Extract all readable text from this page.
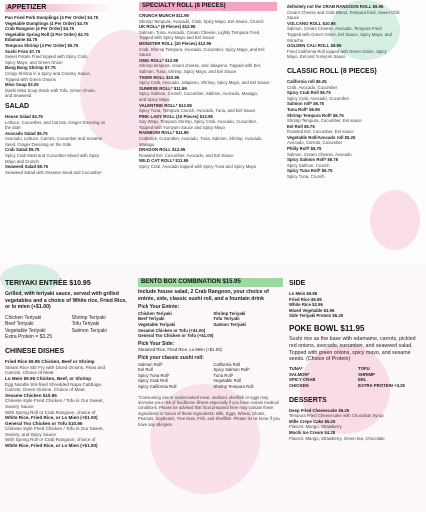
APPETIZER
Pan Fried Pork Dumplings (4 Per Order) $4.75
Vegetable Dumplings (4 Per Order) $4.75
Crab Rangoon (4 Per Order) $4.75
Vegetable Spring Roll (4 Per Order) $4.75
Edamame $4.75
Tempura Shrimp (4 Per Order) $5.75
Sushi Fries $7.75
Sweet Potato Fried topped with Spicy Crab,
Spicy Mayo, and Green Onion
Bang Bang Shrimp $7.75
Crispy Shrimp in a Spicy and Creamy Sauce,
Topped with Green Onions
Miso Soup $3.25
Dashi Miso Soup Stock with Tofu, Green Onion,
and Seaweed
SALAD
House Salad $4.75
Lettuce, Cucumber, and Carrots. Ginger Dressing on
the Side
Avocado Salad $5.75
Avocado, Lettuce, Carrots, Cucumber and Sesame
Seed, Ginger Dressing on the Side
Crab Salad $5.75
Spicy Crab Meat and Cucumber Mixed with Spicy
Mayo and Crunch
Seaweed Salad $5.75
Seaweed Salad with Sesame Seed and Cucumber
SPECIALTY ROLL (8 PIECES)
CRUNCH MUNCH $11.95
Shrimp Tempura, Avocado, Crab, Spicy Mayo, Eel Sauce, Crunch
UK ROLL* (8 Pieces) $12.95
Salmon, Tuna, Avocado, Cream Cheese, Lightly Tempura Fried,
Topped with Spicy Mayo and Eel Sauce
MONSTER ROLL (10 Pieces) $12.95
Crab, Shrimp Tempura, Avocado, Cucumber, Spicy Mayo, and Eel Sauce
OMG ROLL* $12.95
Shrimp tempura, cream cheese, and Jalapeno. Topped with Eel,
Salmon, Tuna, Shrimp, Spicy Mayo, and Eel Sauce
TIGER ROLL $10.95
Spicy Crab, Avocado, Jalapeno, Shrimp, Spicy Mayo, and Eel Sauce
SUNRISE ROLL* $11.95
Spicy Salmon, Crunch, Cucumber, Salmon, Avocado, Masago,
and Spicy Mayo
VALENTINE ROLL* $12.95
Spicy Tuna, Tempura Crunch, Avocado, Tuna, and Eel Sauce
PINK LADY ROLL (10 Pieces) $12.95
Soy Wrap, Tempura Shrimp, Spicy Crab, Avocado, Cucumber,
Topped with Yumyum Sauce and Spicy Mayo
RAINBOW ROLL* $11.95
Crabstick, Cucumber, Avocado, Tuna, Salmon, Shrimp, Avocado,
Masago
DRAGON ROLL $12.95
Roasted Eel, Cucumber, Avocado, and Eel Sauce
WILD CAT ROLL* $11.95
Spicy Crab, Avocado topped with Spicy Tuna and Spicy Mayo
definitely not the CRAB RANGOON ROLL $9.95
Cream Cheese and Crab Blend, Tempura fried, Sweet Chili
Sauce
VOLCANO ROLL $10.95
Salmon, Cream Cheese, Avocado, Tempura Fried
Topped with Green Onion, Eel Sauce, Spicy Mayo, and
Sriracha
GOLDEN CALI ROLL $8.95
Fried California Roll topped with Green Onion, Spicy
Mayo, Eel and Yumyum Sauce
CLASSIC ROLL (8 PIECES)
California roll $6.25
Crab, Avocado, Cucumber
Spicy Crab Roll $6.75
Spicy Crab, Avocado, Cucumber
Salmon roll* $6.75
Tuna Roll* $6.95
Shrimp Tempura Roll* $6.75
Shrimp Tempura, Cucumber, Eel sauce
Eel Roll $6.75
Roasted Eel, Cucumber, Eel sauce
Vegetable Roll/Avocado roll $5.25
Avocado, Carrots, Cucumber
Philly Roll* $6.75
Salmon, Cream Cheese, Avocado
Spicy Salmon Roll* $6.75
Spicy Salmon, Crunch
Spicy Tuna Roll* $6.75
Spicy Tuna, Crunch
TERIYAKI ENTRÉE $10.95
Grilled, with teriyaki sauce, served with grilled vegetables and a choice of White rice, Fried Rice, or lo mien (+$1.00)
Chicken Teriyaki	Shrimp Teriyaki
Beef Teriyaki	Tofu Teriyaki
Vegetable Teriyaki	Salmon Teriyaki
Extra Protein = $3.25
CHINESE DISHES
Fried Rice $9.95 Chicken, Beef or Shrimp
Steam Rice Stir Fry with Diced Onions, Peas and
Carrots. Choice of Meat
Lo Mein $9.95 Chicken, Beef, or Shrimp
Egg Noodle Stir-fried Shredded Napa Cabbage,
Carrots, Green Onions. Choice of Meat
Sesame Chicken $10.95
Chinese style Fried Chicken / Tofu in Our Sweet,
Savory Sauce
With Spring Roll or Crab Rangoon, choice of
White Rice, Fried Rice, or Lo Mien (+$1.00)
General Tso Chicken or Tofu $10.95
Chinese style Fried Chicken / Tofu in Our Sweet,
Savory, and Spicy Sauce
With Spring Roll or Crab Rangoon, choice of
White Rice, Fried Rice, or Lo Mien (+$1.00)
BENTO BOX COMBINATION $15.95
Include house salad, 2 Crab Rangoon, your choice of entrée, side, classic sushi roll, and a fountain drink
Pick Your Entrée:
Chicken Teriyaki	Shrimp Teriyaki
Beef Teriyaki	Tofu Teriyaki
Vegetable Teriyaki	Salmon Teriyaki
Sesame Chicken or Tofu (+$1.00)
General Tso Chicken or Tofu (+$1.00)
Pick Your Side:
Steamed Rice, Fried Rice, Lo Mein (+$1.00)
Pick your classic sushi roll:
Salmon Roll*	California Roll
Eel Roll	Spicy Salmon Roll*
Spicy Tuna Roll*	Tuna Roll*
Spicy Crab Roll	Vegetable Roll
Spicy California Roll	Shrimp Tempura Roll
*Consuming raw or undercooked meat, seafood, shellfish or eggs may increase your risk of foodborne illness especially if you have certain medical conditions. Please be advised that food prepared here may contain these ingredients or traces of these ingredients: Milk, Eggs, Wheat, Gluten, Peanuts, Soybeans, Tree Nuts, Fish, and Shellfish. Please let us know if you have any allergies.
SIDE
Lo Mein $5.95
Fried Rice $5.95
White Rice $2.95
Mixed Vegetable $3.95
Side Teriyaki Protein $5.25
POKE BOWL $11.95
Sushi rice as the base with edamame, carrots, pickled red onions, avocado, cucumber, and seaweed salad. Topped with green onions, spicy mayo, and sesame seeds. (Choice of Protein)
TUNA*	TOFU
SALMON*	SHRIMP
SPICY CRAB	EEL
CHICKEN	EXTRA PROTEIN +3.25
DESSERTS
Deep Fried Cheesecake $5.25
Tempura Fried Cheesecake with Chocolate Syrup
Mille Crepe Cake $5.25
Flavors: Mango, Strawberry
Mochi Ice Cream $4.25
Flavors: Mango, Strawberry, Green tea, Chocolate
